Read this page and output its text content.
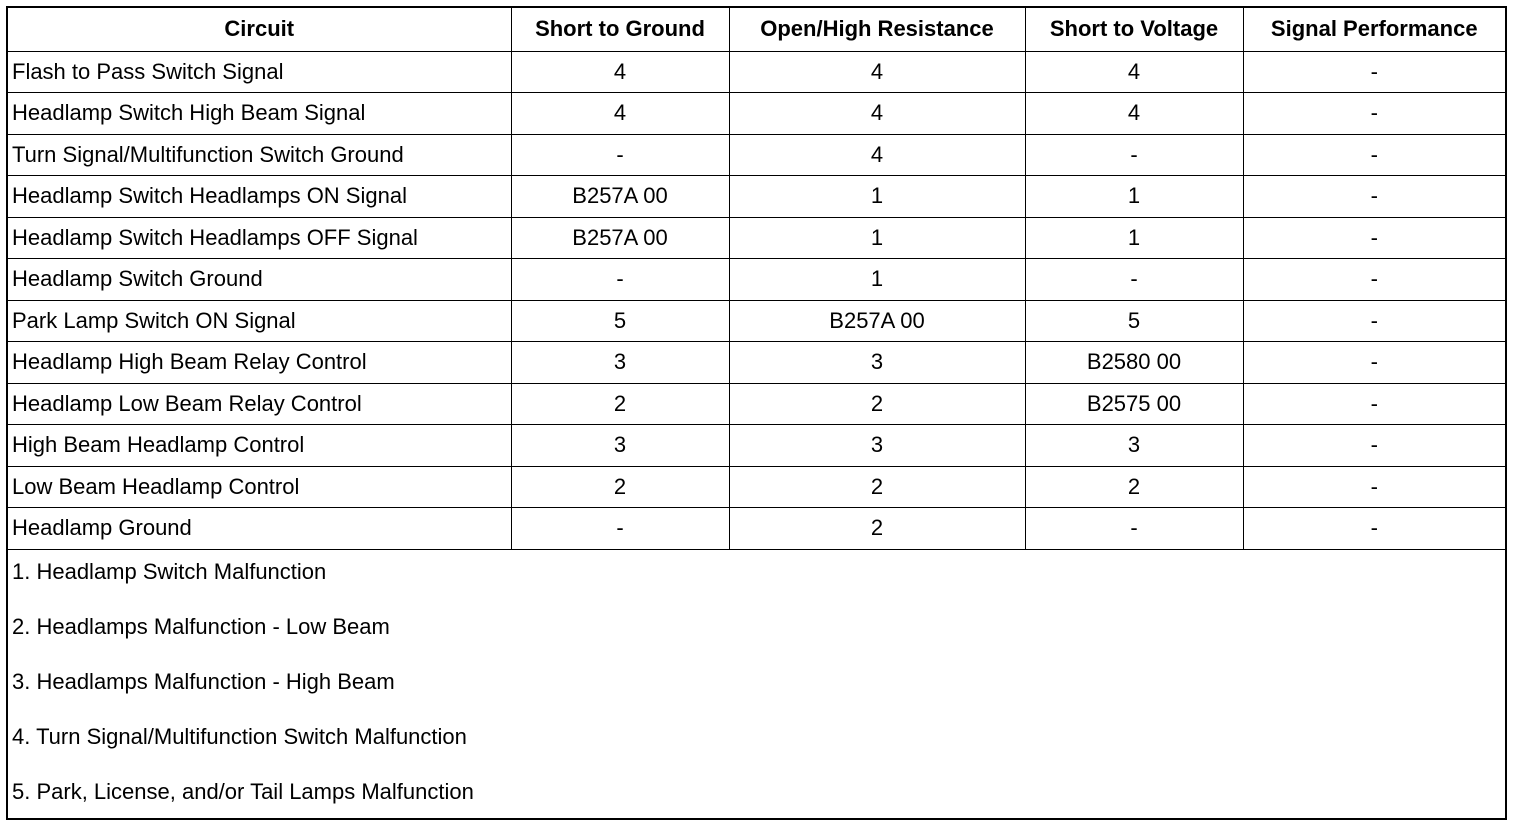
Circuit	Short to Ground	Open/High Resistance	Short to Voltage	Signal Performance
Flash to Pass Switch Signal	4	4	4	-
Headlamp Switch High Beam Signal	4	4	4	-
Turn Signal/Multifunction Switch Ground	-	4	-	-
Headlamp Switch Headlamps ON Signal	B257A 00	1	1	-
Headlamp Switch Headlamps OFF Signal	B257A 00	1	1	-
Headlamp Switch Ground	-	1	-	-
Park Lamp Switch ON Signal	5	B257A 00	5	-
Headlamp High Beam Relay Control	3	3	B2580 00	-
Headlamp Low Beam Relay Control	2	2	B2575 00	-
High Beam Headlamp Control	3	3	3	-
Low Beam Headlamp Control	2	2	2	-
Headlamp Ground	-	2	-	-
1. Headlamp Switch Malfunction
2. Headlamps Malfunction - Low Beam
3. Headlamps Malfunction - High Beam
4. Turn Signal/Multifunction Switch Malfunction
5. Park, License, and/or Tail Lamps Malfunction
